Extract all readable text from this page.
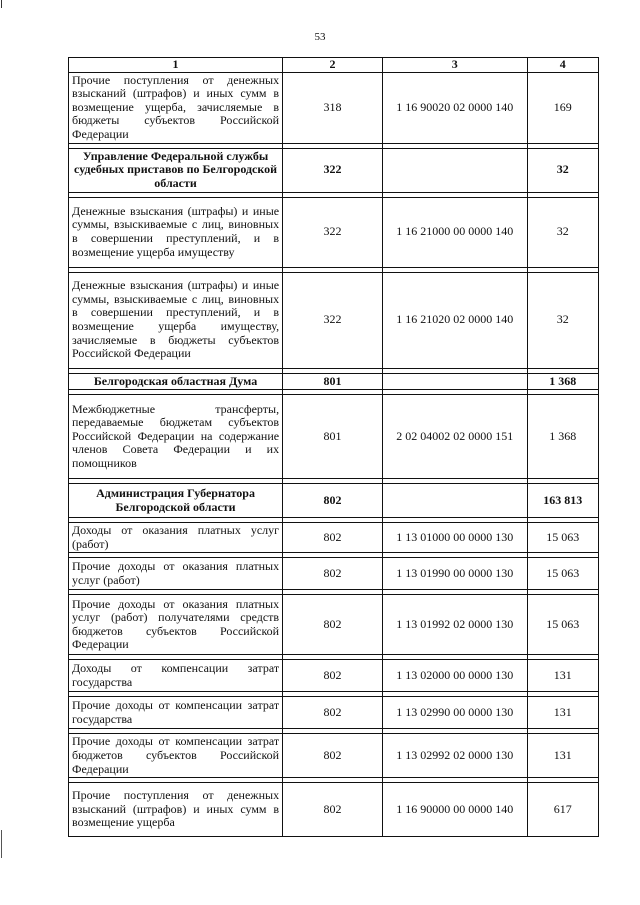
53
1	2	3	4
Прочие поступления от денежных взысканий (штрафов) и иных сумм в возмещение ущерба, зачисляемые в бюджеты субъектов Российской Федерации	318	1 16 90020 02 0000 140	169

Управление Федеральной службы судебных приставов по Белгородской области	322		32

Денежные взыскания (штрафы) и иные суммы, взыскиваемые с лиц, виновных в совершении преступлений, и в возмещение ущерба имуществу	322	1 16 21000 00 0000 140	32

Денежные взыскания (штрафы) и иные суммы, взыскиваемые с лиц, виновных в совершении преступлений, и в возмещение ущерба имуществу, зачисляемые в бюджеты субъектов Российской Федерации	322	1 16 21020 02 0000 140	32

Белгородская областная Дума	801		1 368

Межбюджетные трансферты, передаваемые бюджетам субъектов Российской Федерации на содержание членов Совета Федерации и их помощников	801	2 02 04002 02 0000 151	1 368

Администрация Губернатора Белгородской области	802		163 813

Доходы от оказания платных услуг (работ)	802	1 13 01000 00 0000 130	15 063

Прочие доходы от оказания платных услуг (работ)	802	1 13 01990 00 0000 130	15 063

Прочие доходы от оказания платных услуг (работ) получателями средств бюджетов субъектов Российской Федерации	802	1 13 01992 02 0000 130	15 063

Доходы от компенсации затрат государства	802	1 13 02000 00 0000 130	131

Прочие доходы от компенсации затрат государства	802	1 13 02990 00 0000 130	131

Прочие доходы от компенсации затрат бюджетов субъектов Российской Федерации	802	1 13 02992 02 0000 130	131

Прочие поступления от денежных взысканий (штрафов) и иных сумм в возмещение ущерба	802	1 16 90000 00 0000 140	617
